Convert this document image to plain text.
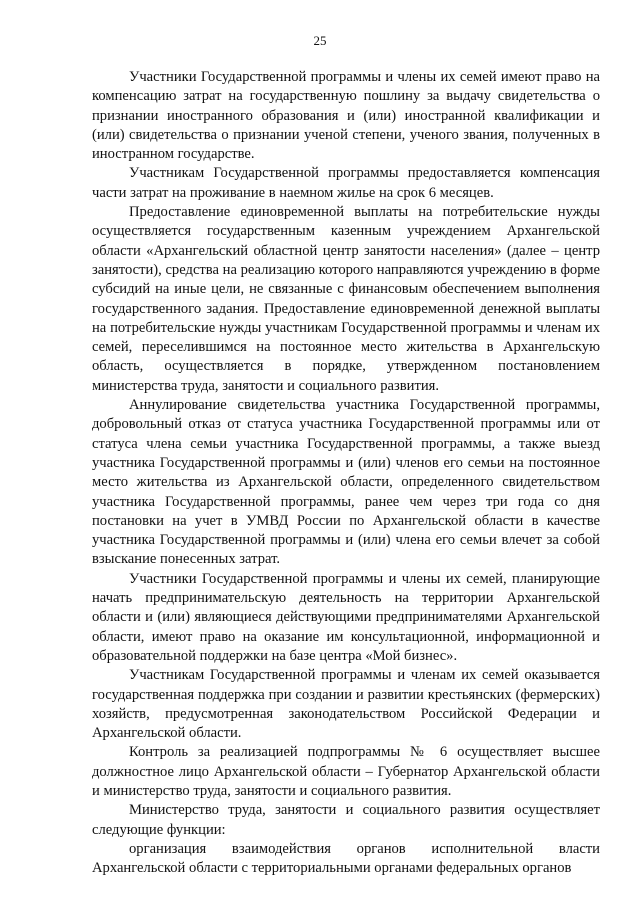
25

Участники Государственной программы и члены их семей имеют право на компенсацию затрат на государственную пошлину за выдачу свидетельства о признании иностранного образования и (или) иностранной квалификации и (или) свидетельства о признании ученой степени, ученого звания, полученных в иностранном государстве.

Участникам Государственной программы предоставляется компенсация части затрат на проживание в наемном жилье на срок 6 месяцев.

Предоставление единовременной выплаты на потребительские нужды осуществляется государственным казенным учреждением Архангельской области «Архангельский областной центр занятости населения» (далее – центр занятости), средства на реализацию которого направляются учреждению в форме субсидий на иные цели, не связанные с финансовым обеспечением выполнения государственного задания. Предоставление единовременной денежной выплаты на потребительские нужды участникам Государственной программы и членам их семей, переселившимся на постоянное место жительства в Архангельскую область, осуществляется в порядке, утвержденном постановлением министерства труда, занятости и социального развития.

Аннулирование свидетельства участника Государственной программы, добровольный отказ от статуса участника Государственной программы или от статуса члена семьи участника Государственной программы, а также выезд участника Государственной программы и (или) членов его семьи на постоянное место жительства из Архангельской области, определенного свидетельством участника Государственной программы, ранее чем через три года со дня постановки на учет в УМВД России по Архангельской области в качестве участника Государственной программы и (или) члена его семьи влечет за собой взыскание понесенных затрат.

Участники Государственной программы и члены их семей, планирующие начать предпринимательскую деятельность на территории Архангельской области и (или) являющиеся действующими предпринимателями Архангельской области, имеют право на оказание им консультационной, информационной и образовательной поддержки на базе центра «Мой бизнес».

Участникам Государственной программы и членам их семей оказывается государственная поддержка при создании и развитии крестьянских (фермерских) хозяйств, предусмотренная законодательством Российской Федерации и Архангельской области.

Контроль за реализацией подпрограммы № 6 осуществляет высшее должностное лицо Архангельской области – Губернатор Архангельской области и министерство труда, занятости и социального развития.

Министерство труда, занятости и социального развития осуществляет следующие функции:

организация взаимодействия органов исполнительной власти Архангельской области с территориальными органами федеральных органов
